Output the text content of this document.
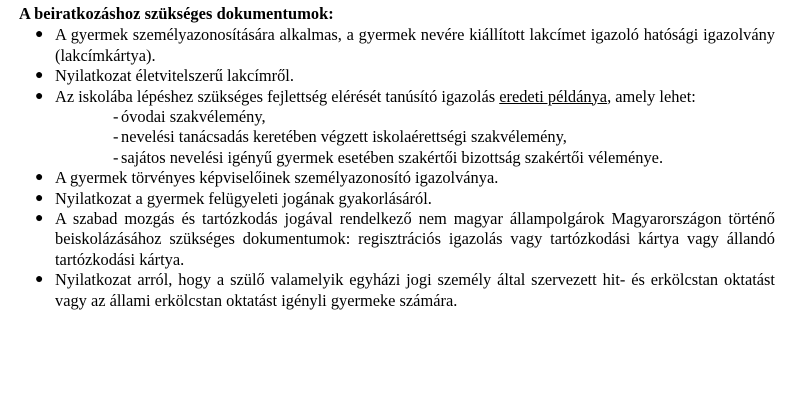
A beiratkozáshoz szükséges dokumentumok:
● A gyermek személyazonosítására alkalmas, a gyermek nevére kiállított lakcímet igazoló hatósági igazolvány (lakcímkártya).
● Nyilatkozat életvitelszerű lakcímről.
● Az iskolába lépéshez szükséges fejlettség elérését tanúsító igazolás eredeti példánya, amely lehet:
- óvodai szakvélemény,
- nevelési tanácsadás keretében végzett iskolaérettségi szakvélemény,
- sajátos nevelési igényű gyermek esetében szakértői bizottság szakértői véleménye.
● A gyermek törvényes képviselőinek személyazonosító igazolványa.
● Nyilatkozat a gyermek felügyeleti jogának gyakorlásáról.
● A szabad mozgás és tartózkodás jogával rendelkező nem magyar állampolgárok Magyarországon történő beiskolázásához szükséges dokumentumok: regisztrációs igazolás vagy tartózkodási kártya vagy állandó tartózkodási kártya.
● Nyilatkozat arról, hogy a szülő valamelyik egyházi jogi személy által szervezett hit- és erkölcstan oktatást vagy az állami erkölcstan oktatást igényli gyermeke számára.
